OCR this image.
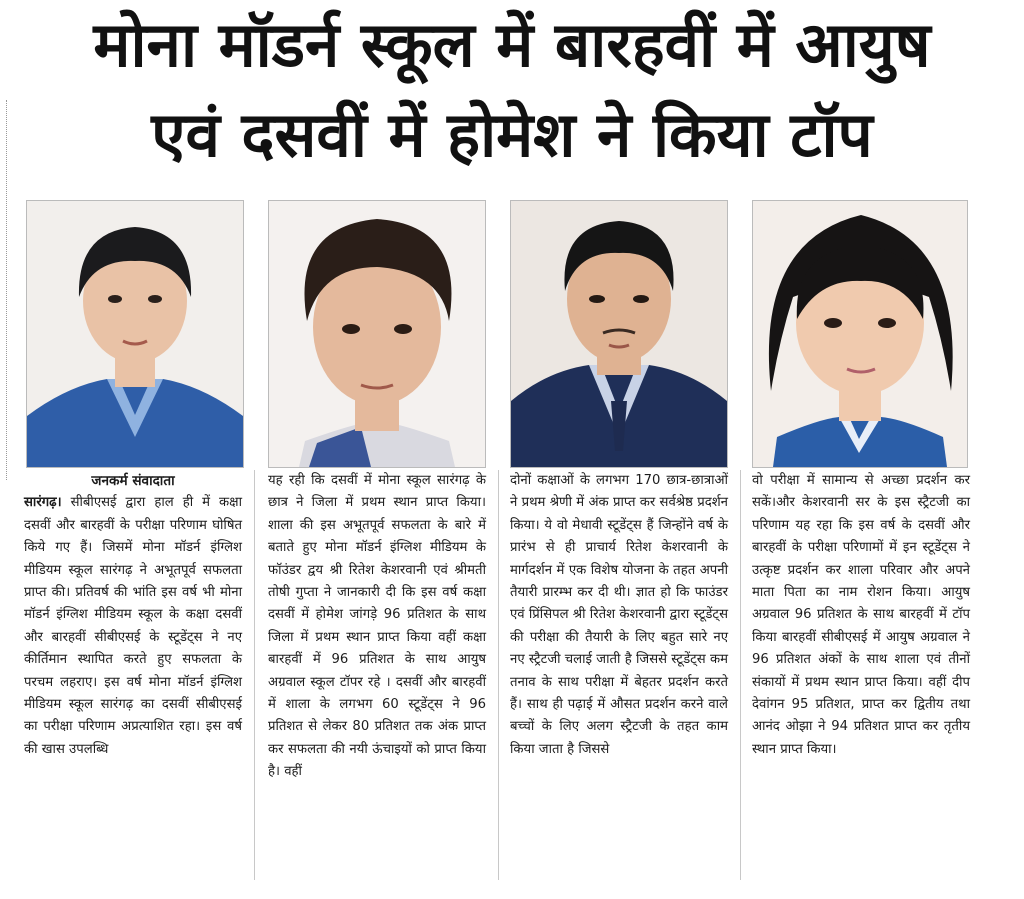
मोना मॉडर्न स्कूल में बारहवीं में आयुष
एवं दसवीं में होमेश ने किया टॉप

जनकर्म संवादाता

सारंगढ़। सीबीएसई द्वारा हाल ही में कक्षा दसवीं और बारहवीं के परीक्षा परिणाम घोषित किये गए हैं। जिसमें मोना मॉडर्न इंग्लिश मीडियम स्कूल सारंगढ़ ने अभूतपूर्व सफलता प्राप्त की। प्रतिवर्ष की भांति इस वर्ष भी मोना मॉडर्न इंग्लिश मीडियम स्कूल के कक्षा दसवीं और बारहवीं सीबीएसई के स्टूडेंट्स ने नए कीर्तिमान स्थापित करते हुए सफलता के परचम लहराए। इस वर्ष मोना मॉडर्न इंग्लिश मीडियम स्कूल सारंगढ़ का दसवीं सीबीएसई का परीक्षा परिणाम अप्रत्याशित रहा। इस वर्ष की खास उपलब्धि

यह रही कि दसवीं में मोना स्कूल सारंगढ़ के छात्र ने जिला में प्रथम स्थान प्राप्त किया। शाला की इस अभूतपूर्व सफलता के बारे में बताते हुए मोना मॉडर्न इंग्लिश मीडियम के फॉउंडर द्वय श्री रितेश केशरवानी एवं श्रीमती तोषी गुप्ता ने जानकारी दी कि इस वर्ष कक्षा दसवीं में होमेश जांगड़े 96 प्रतिशत के साथ जिला में प्रथम स्थान प्राप्त किया वहीं कक्षा बारहवीं में 96 प्रतिशत के साथ आयुष अग्रवाल स्कूल टॉपर रहे । दसवीं और बारहवीं में शाला के लगभग 60 स्टूडेंट्स ने 96 प्रतिशत से लेकर 80 प्रतिशत तक अंक प्राप्त कर सफलता की नयी ऊंचाइयों को प्राप्त किया है। वहीं

दोनों कक्षाओं के लगभग 170 छात्र-छात्राओं ने प्रथम श्रेणी में अंक प्राप्त कर सर्वश्रेष्ठ प्रदर्शन किया। ये वो मेधावी स्टूडेंट्स हैं जिन्होंने वर्ष के प्रारंभ से ही प्राचार्य रितेश केशरवानी के मार्गदर्शन में एक विशेष योजना के तहत अपनी तैयारी प्रारम्भ कर दी थी। ज्ञात हो कि फाउंडर एवं प्रिंसिपल श्री रितेश केशरवानी द्वारा स्टूडेंट्स की परीक्षा की तैयारी के लिए बहुत सारे नए नए स्ट्रैटजी चलाई जाती है जिससे स्टूडेंट्स कम तनाव के साथ परीक्षा में बेहतर प्रदर्शन करते हैं। साथ ही पढ़ाई में औसत प्रदर्शन करने वाले बच्चों के लिए अलग स्ट्रैटजी के तहत काम किया जाता है जिससे

वो परीक्षा में सामान्य से अच्छा प्रदर्शन कर सकें।और केशरवानी सर के इस स्ट्रैटजी का परिणाम यह रहा कि इस वर्ष के दसवीं और बारहवीं के परीक्षा परिणामों में इन स्टूडेंट्स ने उत्कृष्ट प्रदर्शन कर शाला परिवार और अपने माता पिता का नाम रोशन किया। आयुष अग्रवाल 96 प्रतिशत के साथ बारहवीं में टॉप किया बारहवीं सीबीएसई में आयुष अग्रवाल ने 96 प्रतिशत अंकों के साथ शाला एवं तीनों संकायों में प्रथम स्थान प्राप्त किया। वहीं दीप देवांगन 95 प्रतिशत, प्राप्त कर द्वितीय तथा आनंद ओझा ने 94 प्रतिशत प्राप्त कर तृतीय स्थान प्राप्त किया।
